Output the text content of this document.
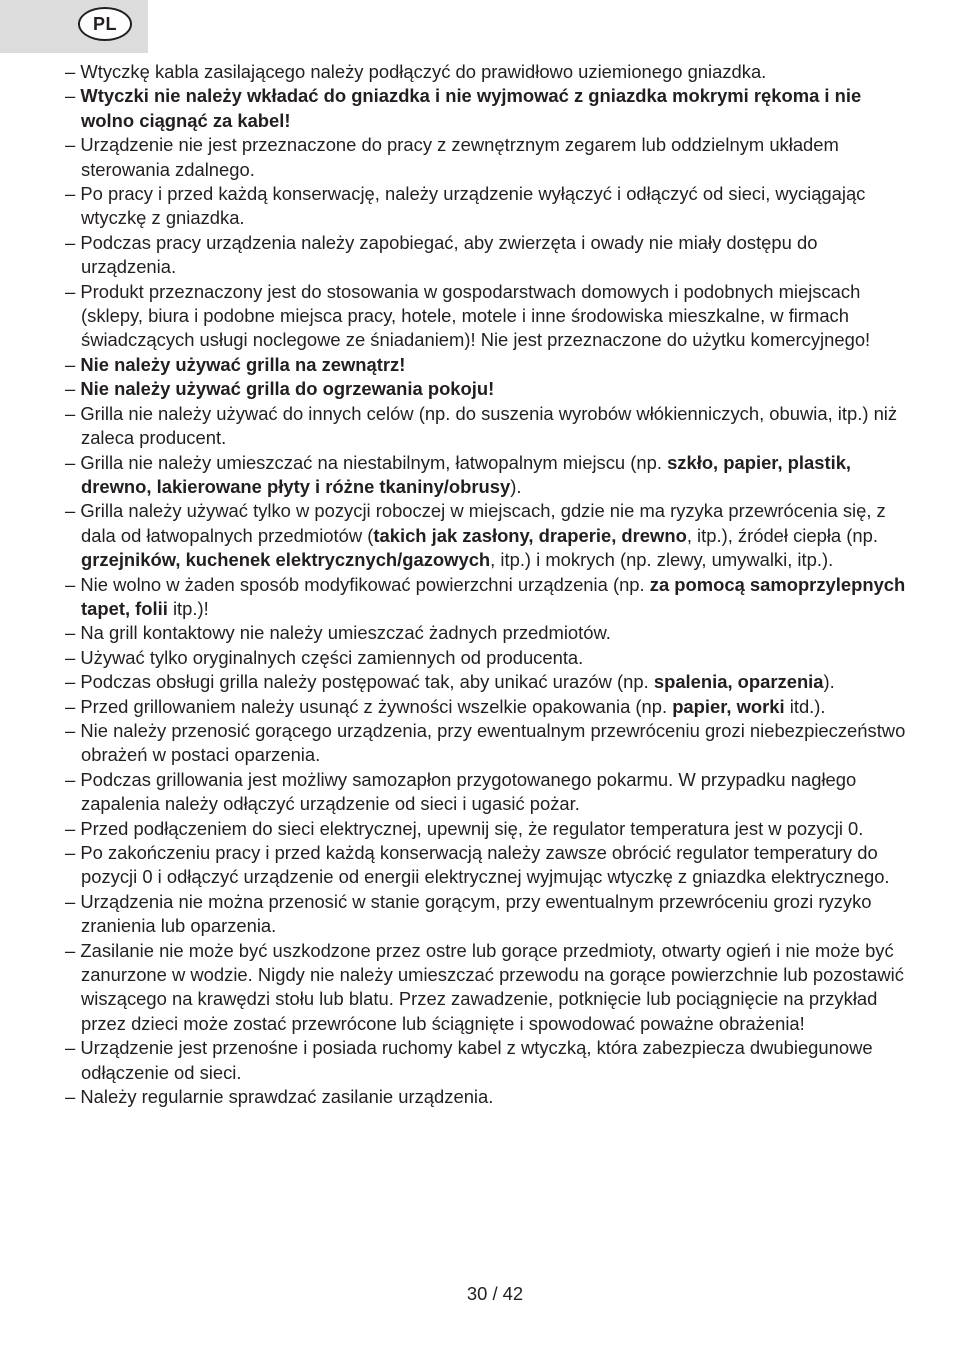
PL
– Wtyczkę kabla zasilającego należy podłączyć do prawidłowo uziemionego gniazdka.
– Wtyczki nie należy wkładać do gniazdka i nie wyjmować z gniazdka mokrymi rękoma i nie wolno ciągnąć za kabel!
– Urządzenie nie jest przeznaczone do pracy z zewnętrznym zegarem lub oddzielnym układem sterowania zdalnego.
– Po pracy i przed każdą konserwację, należy urządzenie wyłączyć i odłączyć od sieci, wyciągając wtyczkę z gniazdka.
– Podczas pracy urządzenia należy zapobiegać, aby zwierzęta i owady nie miały dostępu do urządzenia.
– Produkt przeznaczony jest do stosowania w gospodarstwach domowych i podobnych miejscach (sklepy, biura i podobne miejsca pracy, hotele, motele i inne środowiska mieszkalne, w firmach świadczących usługi noclegowe ze śniadaniem)! Nie jest przeznaczone do użytku komercyjnego!
– Nie należy używać grilla na zewnątrz!
– Nie należy używać grilla do ogrzewania pokoju!
– Grilla nie należy używać do innych celów (np. do suszenia wyrobów włókienniczych, obuwia, itp.) niż zaleca producent.
– Grilla nie należy umieszczać na niestabilnym, łatwopalnym miejscu (np. szkło, papier, plastik, drewno, lakierowane płyty i różne tkaniny/obrusy).
– Grilla należy używać tylko w pozycji roboczej w miejscach, gdzie nie ma ryzyka przewrócenia się, z dala od łatwopalnych przedmiotów (takich jak zasłony, draperie, drewno, itp.), źródeł ciepła (np. grzejników, kuchenek elektrycznych/gazowych, itp.) i mokrych (np. zlewy, umywalki, itp.).
– Nie wolno w żaden sposób modyfikować powierzchni urządzenia (np. za pomocą samoprzylepnych tapet, folii itp.)!
– Na grill kontaktowy nie należy umieszczać żadnych przedmiotów.
– Używać tylko oryginalnych części zamiennych od producenta.
– Podczas obsługi grilla należy postępować tak, aby unikać urazów (np. spalenia, oparzenia).
– Przed grillowaniem należy usunąć z żywności wszelkie opakowania (np. papier, worki itd.).
– Nie należy przenosić gorącego urządzenia, przy ewentualnym przewróceniu grozi niebezpieczeństwo obrażeń w postaci oparzenia.
– Podczas grillowania jest możliwy samozapłon przygotowanego pokarmu. W przypadku nagłego zapalenia należy odłączyć urządzenie od sieci i ugasić pożar.
– Przed podłączeniem do sieci elektrycznej, upewnij się, że regulator temperatura jest w pozycji 0.
– Po zakończeniu pracy i przed każdą konserwacją należy zawsze obrócić regulator temperatury do pozycji 0 i odłączyć urządzenie od energii elektrycznej wyjmując wtyczkę z gniazdka elektrycznego.
– Urządzenia nie można przenosić w stanie gorącym, przy ewentualnym przewróceniu grozi ryzyko zranienia lub oparzenia.
– Zasilanie nie może być uszkodzone przez ostre lub gorące przedmioty, otwarty ogień i nie może być zanurzone w wodzie. Nigdy nie należy umieszczać przewodu na gorące powierzchnie lub pozostawić wiszącego na krawędzi stołu lub blatu. Przez zawadzenie, potknięcie lub pociągnięcie na przykład przez dzieci może zostać przewrócone lub ściągnięte i spowodować poważne obrażenia!
– Urządzenie jest przenośne i posiada ruchomy kabel z wtyczką, która zabezpiecza dwubiegunowe odłączenie od sieci.
– Należy regularnie sprawdzać zasilanie urządzenia.
30 / 42
